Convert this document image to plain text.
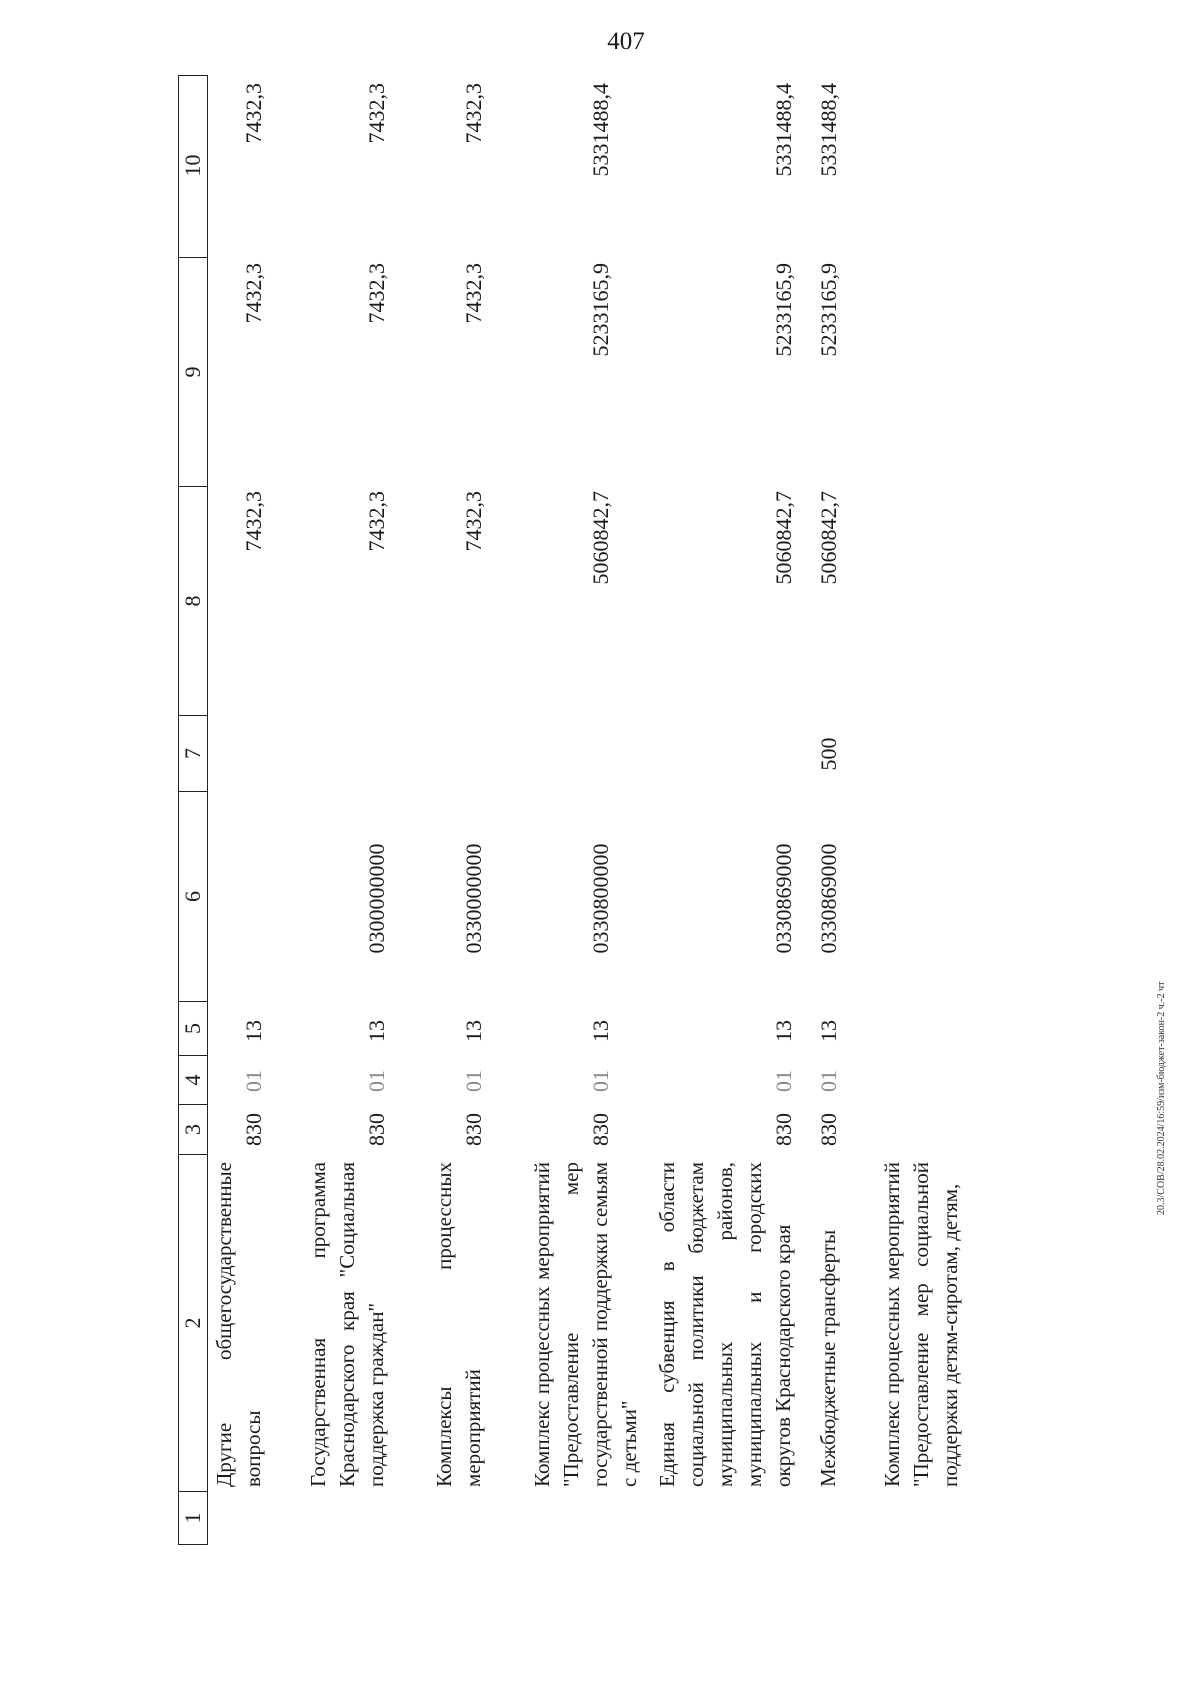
407
20.3/СОВ/28.02.2024/16:59/изм-бюджет-закон-2 ч.-2 чт
1
2
3
4
5
6
7
8
9
10
Другие общегосударственные вопросы
830
01
13
7432,3
7432,3
7432,3
Государственная программа Краснодарского края "Социальная поддержка граждан"
830
01
13
0300000000
7432,3
7432,3
7432,3
Комплексы процессных мероприятий
830
01
13
0330000000
7432,3
7432,3
7432,3
Комплекс процессных мероприятий "Предоставление мер государственной поддержки семьям с детьми"
830
01
13
0330800000
5060842,7
5233165,9
5331488,4
Единая субвенция в области социальной политики бюджетам муниципальных районов, муниципальных и городских округов Краснодарского края
830
01
13
0330869000
5060842,7
5233165,9
5331488,4
Межбюджетные трансферты
830
01
13
0330869000
500
5060842,7
5233165,9
5331488,4
Комплекс процессных мероприятий "Предоставление мер социальной поддержки детям-сиротам, детям,
